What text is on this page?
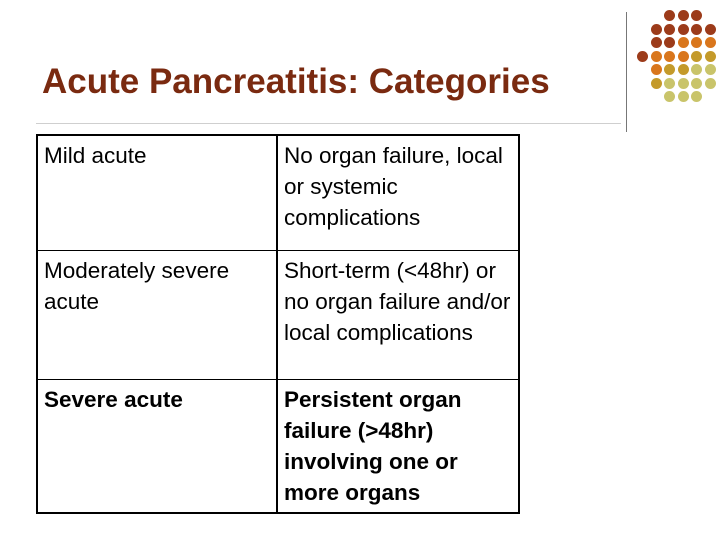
Acute Pancreatitis: Categories
Mild acute	No organ failure, local or systemic complications
Moderately severe acute	Short-term (<48hr) or no organ failure and/or local complications
Severe acute	Persistent organ failure (>48hr) involving one or more organs
